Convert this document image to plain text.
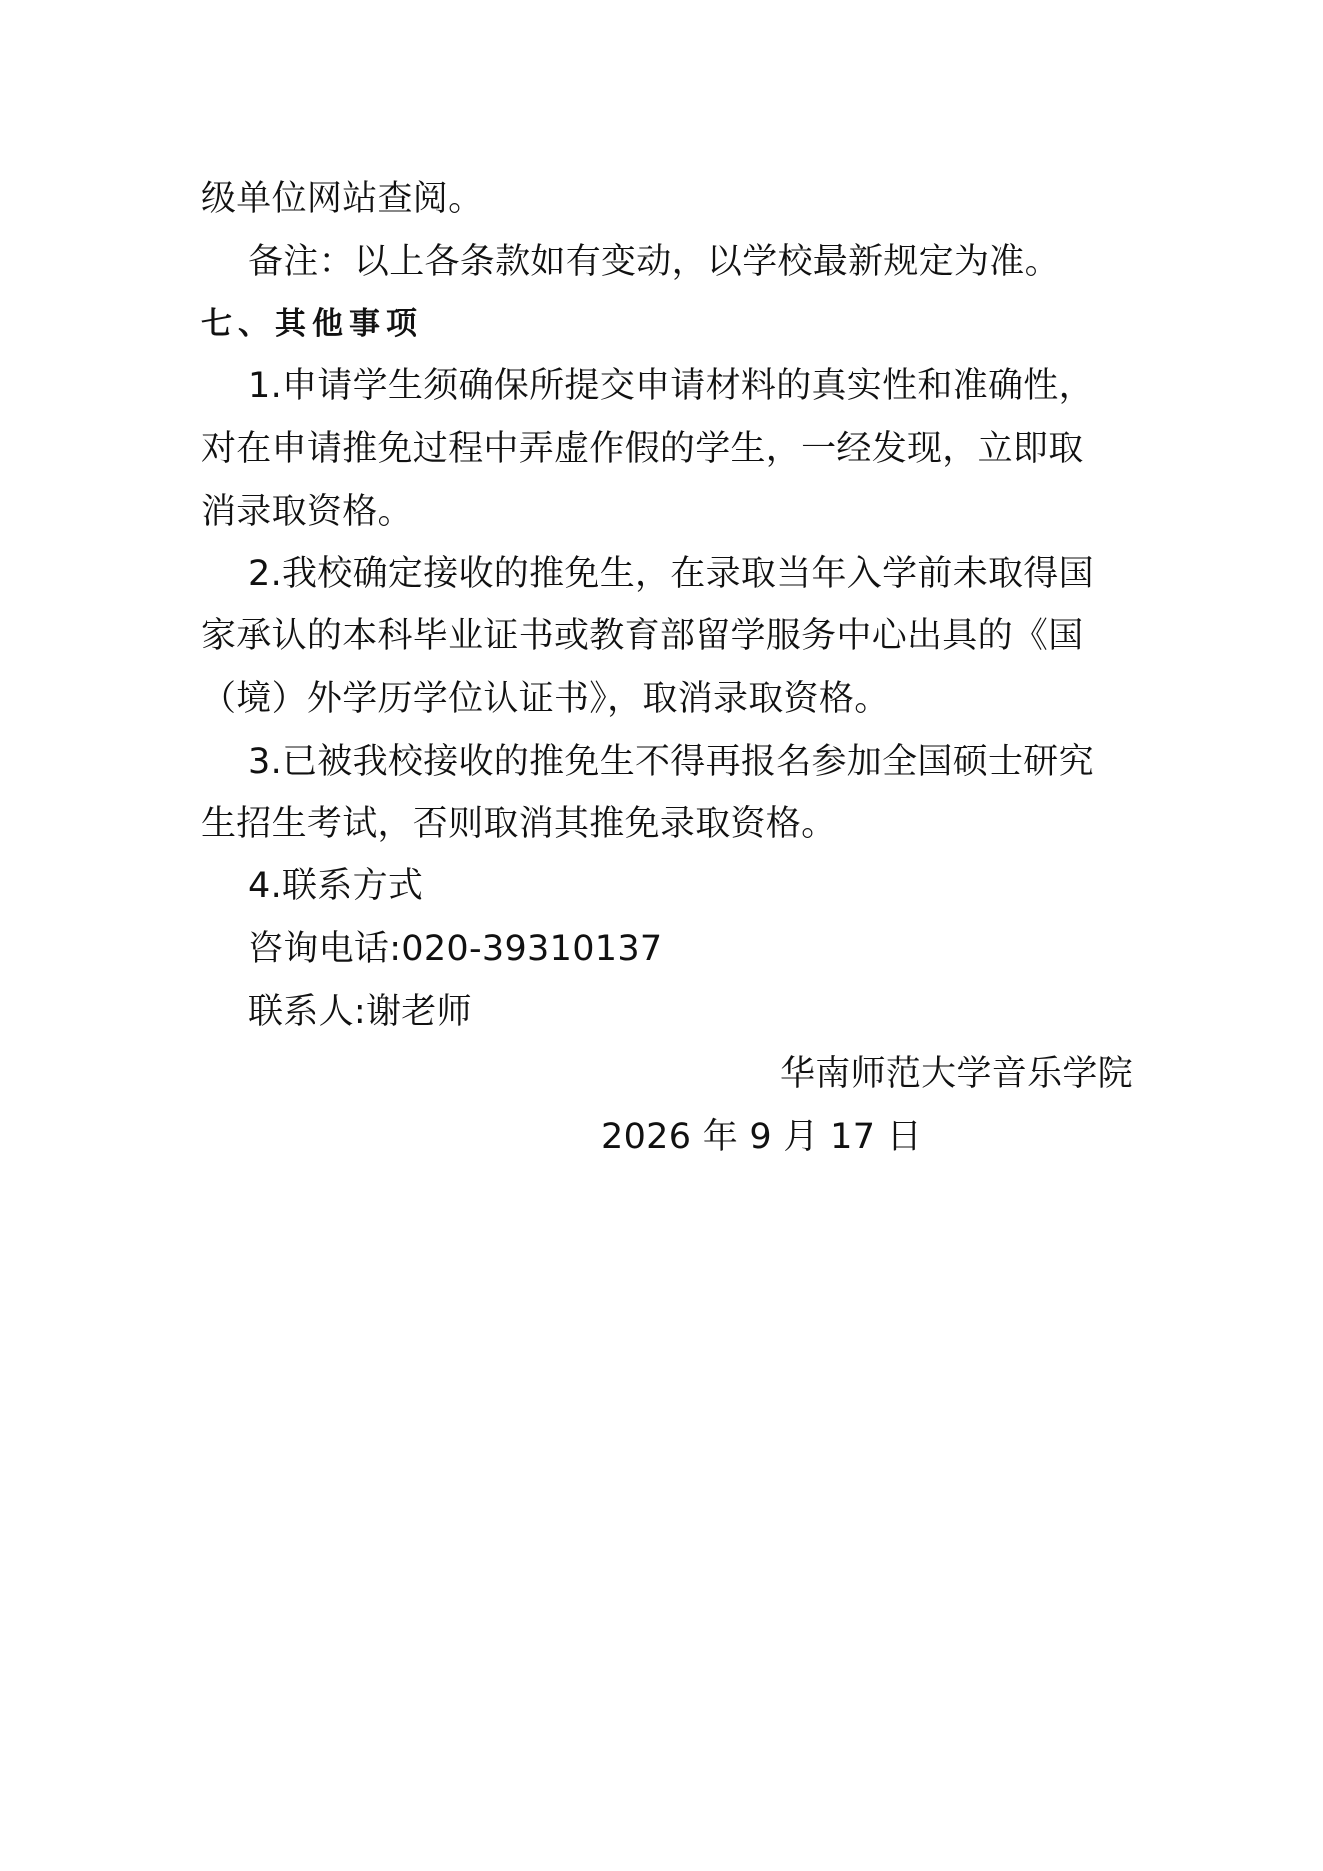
级单位网站查阅。
备注：以上各条款如有变动，以学校最新规定为准。
七、其他事项
1.申请学生须确保所提交申请材料的真实性和准确性，
对在申请推免过程中弄虚作假的学生，一经发现，立即取
消录取资格。
2.我校确定接收的推免生，在录取当年入学前未取得国
家承认的本科毕业证书或教育部留学服务中心出具的《国
（境）外学历学位认证书》，取消录取资格。
3.已被我校接收的推免生不得再报名参加全国硕士研究
生招生考试，否则取消其推免录取资格。
4.联系方式
咨询电话:020-39310137
联系人:谢老师
华南师范大学音乐学院
2026 年 9 月 17 日
